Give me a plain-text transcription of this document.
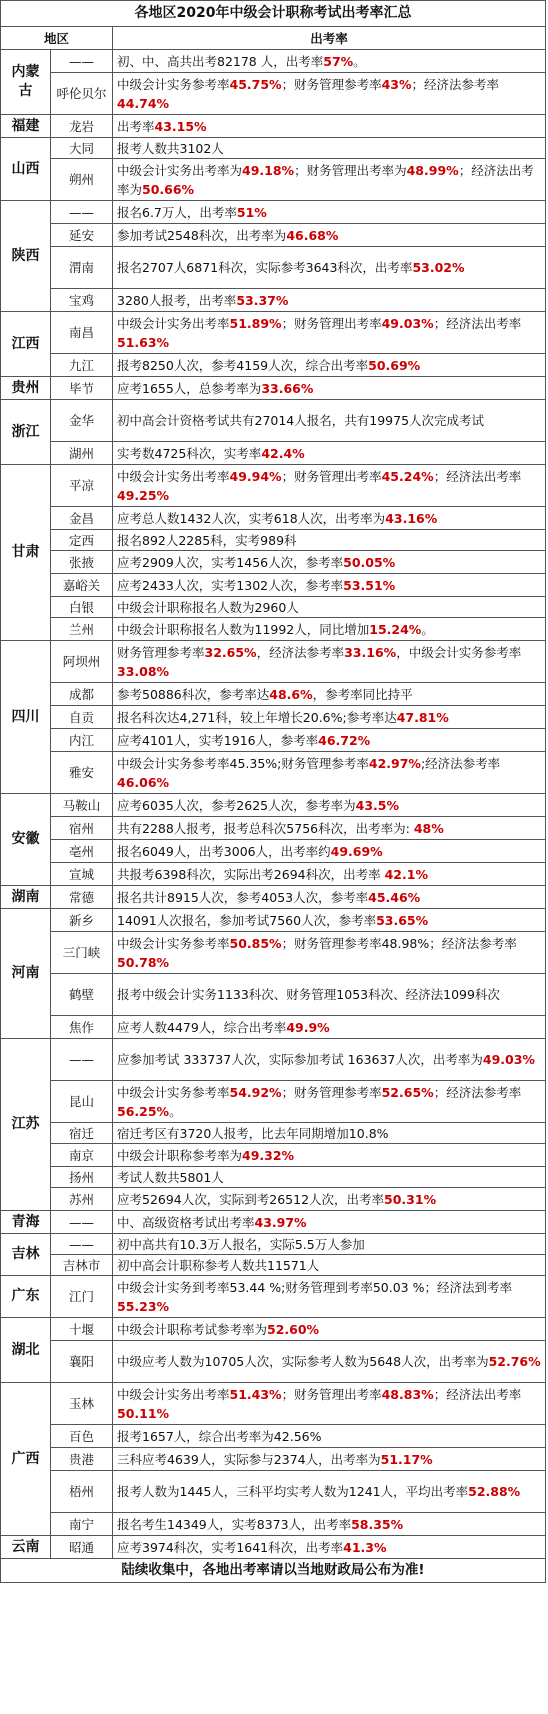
各地区2020年中级会计职称考试出考率汇总		
地区		出考率
内蒙古	——	初、中、高共出考82178 人，出考率57%。
	呼伦贝尔	中级会计实务参考率45.75%；财务管理参考率43%；经济法参考率44.74%
福建	龙岩	出考率43.15%
山西	大同	报考人数共3102人
	朔州	中级会计实务出考率为49.18%；财务管理出考率为48.99%；经济法出考率为50.66%
陕西	——	报名6.7万人，出考率51%
	延安	参加考试2548科次，出考率为46.68%
	渭南	报名2707人6871科次，实际参考3643科次，出考率53.02%
	宝鸡	3280人报考，出考率53.37%
江西	南昌	中级会计实务出考率51.89%；财务管理出考率49.03%；经济法出考率51.63%
	九江	报考8250人次，参考4159人次，综合出考率50.69%
贵州	毕节	应考1655人，总参考率为33.66%
浙江	金华	初中高会计资格考试共有27014人报名，共有19975人次完成考试
	湖州	实考数4725科次，实考率42.4%
甘肃	平凉	中级会计实务出考率49.94%；财务管理出考率45.24%；经济法出考率49.25%
	金昌	应考总人数1432人次，实考618人次，出考率为43.16%
	定西	报名892人2285科，实考989科
	张掖	应考2909人次，实考1456人次，参考率50.05%
	嘉峪关	应考2433人次，实考1302人次，参考率53.51%
	白银	中级会计职称报名人数为2960人
	兰州	中级会计职称报名人数为11992人，同比增加15.24%。
四川	阿坝州	财务管理参考率32.65%，经济法参考率33.16%，中级会计实务参考率33.08%
	成都	参考50886科次，参考率达48.6%，参考率同比持平
	自贡	报名科次达4,271科，较上年增长20.6%;参考率达47.81%
	内江	应考4101人，实考1916人，参考率46.72%
	雅安	中级会计实务参考率45.35%;财务管理参考率42.97%;经济法参考率46.06%
安徽	马鞍山	应考6035人次，参考2625人次，参考率为43.5%
	宿州	共有2288人报考，报考总科次5756科次，出考率为: 48%
	亳州	报名6049人，出考3006人，出考率约49.69%
	宣城	共报考6398科次，实际出考2694科次，出考率 42.1%
湖南	常德	报名共计8915人次，参考4053人次，参考率45.46%
河南	新乡	14091人次报名，参加考试7560人次，参考率53.65%
	三门峡	中级会计实务参考率50.85%；财务管理参考率48.98%；经济法参考率50.78%
	鹤壁	报考中级会计实务1133科次、财务管理1053科次、经济法1099科次
	焦作	应考人数4479人，综合出考率49.9%
江苏	——	应参加考试 333737人次，实际参加考试 163637人次，出考率为49.03%
	昆山	中级会计实务参考率54.92%；财务管理参考率52.65%；经济法参考率56.25%。
	宿迁	宿迁考区有3720人报考，比去年同期增加10.8%
	南京	中级会计职称参考率为49.32%
	扬州	考试人数共5801人
	苏州	应考52694人次，实际到考26512人次，出考率50.31%
青海	——	中、高级资格考试出考率43.97%
吉林	——	初中高共有10.3万人报名，实际5.5万人参加
	吉林市	初中高会计职称参考人数共11571人
广东	江门	中级会计实务到考率53.44 %;财务管理到考率50.03 %；经济法到考率55.23%
湖北	十堰	中级会计职称考试参考率为52.60%
	襄阳	中级应考人数为10705人次，实际参考人数为5648人次，出考率为52.76%
广西	玉林	中级会计实务出考率51.43%；财务管理出考率48.83%；经济法出考率50.11%
	百色	报考1657人，综合出考率为42.56%
	贵港	三科应考4639人，实际参与2374人，出考率为51.17%
	梧州	报考人数为1445人，三科平均实考人数为1241人，平均出考率52.88%
	南宁	报名考生14349人，实考8373人，出考率58.35%
云南	昭通	应考3974科次，实考1641科次，出考率41.3%
陆续收集中，各地出考率请以当地财政局公布为准!		
